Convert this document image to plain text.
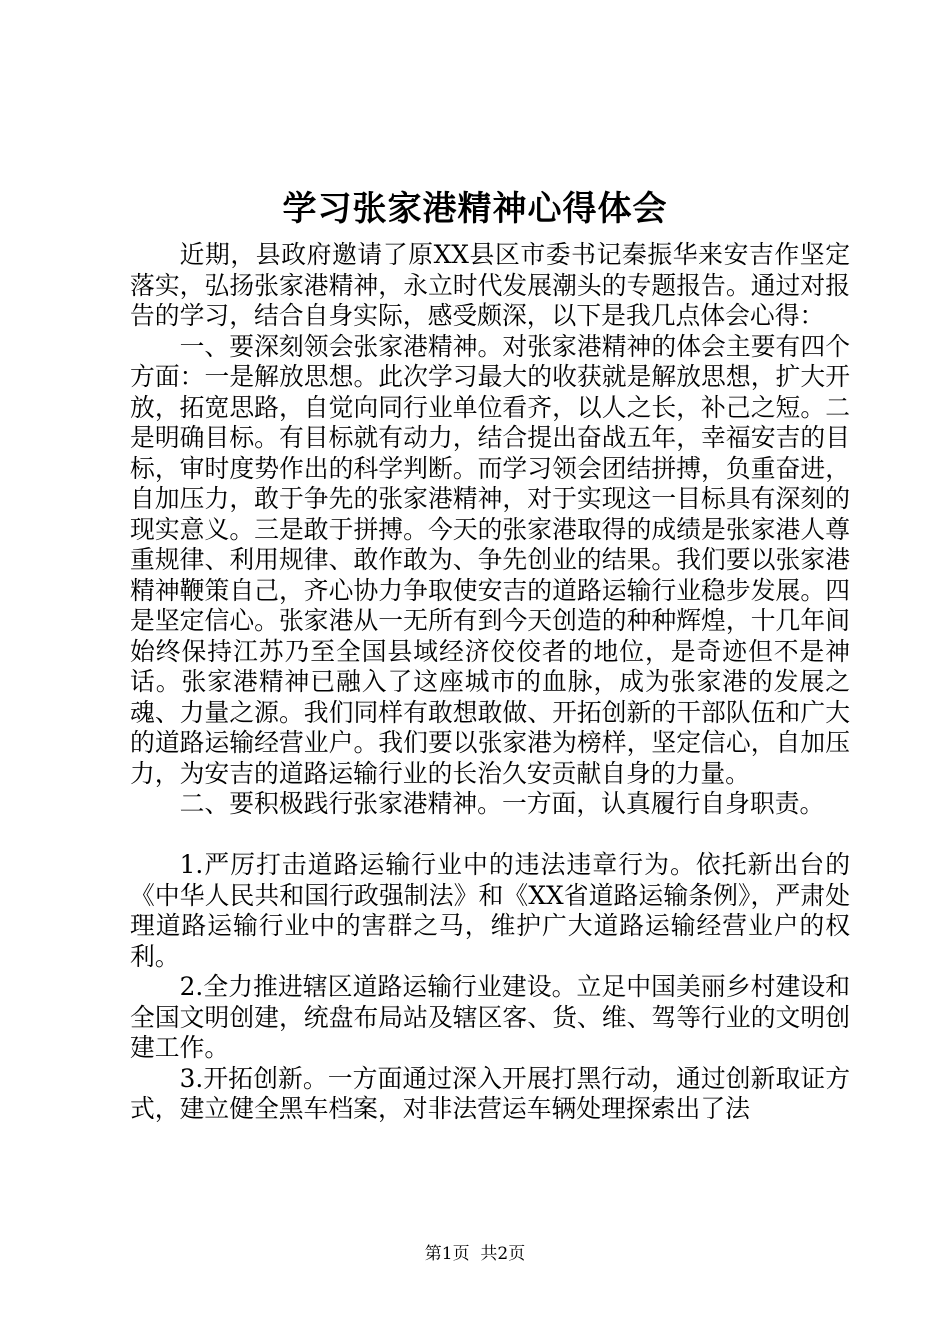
学习张家港精神心得体会

近期，县政府邀请了原XX县区市委书记秦振华来安吉作坚定落实，弘扬张家港精神，永立时代发展潮头的专题报告。通过对报告的学习，结合自身实际，感受颇深，以下是我几点体会心得：

一、要深刻领会张家港精神。对张家港精神的体会主要有四个方面：一是解放思想。此次学习最大的收获就是解放思想，扩大开放，拓宽思路，自觉向同行业单位看齐，以人之长，补己之短。二是明确目标。有目标就有动力，结合提出奋战五年，幸福安吉的目标，审时度势作出的科学判断。而学习领会团结拼搏，负重奋进，自加压力，敢于争先的张家港精神，对于实现这一目标具有深刻的现实意义。三是敢于拼搏。今天的张家港取得的成绩是张家港人尊重规律、利用规律、敢作敢为、争先创业的结果。我们要以张家港精神鞭策自己，齐心协力争取使安吉的道路运输行业稳步发展。四是坚定信心。张家港从一无所有到今天创造的种种辉煌，十几年间始终保持江苏乃至全国县域经济佼佼者的地位，是奇迹但不是神话。张家港精神已融入了这座城市的血脉，成为张家港的发展之魂、力量之源。我们同样有敢想敢做、开拓创新的干部队伍和广大的道路运输经营业户。我们要以张家港为榜样，坚定信心，自加压力，为安吉的道路运输行业的长治久安贡献自身的力量。

二、要积极践行张家港精神。一方面，认真履行自身职责。

1.严厉打击道路运输行业中的违法违章行为。依托新出台的《中华人民共和国行政强制法》和《XX省道路运输条例》，严肃处理道路运输行业中的害群之马，维护广大道路运输经营业户的权利。

2.全力推进辖区道路运输行业建设。立足中国美丽乡村建设和全国文明创建，统盘布局站及辖区客、货、维、驾等行业的文明创建工作。

3.开拓创新。一方面通过深入开展打黑行动，通过创新取证方式，建立健全黑车档案，对非法营运车辆处理探索出了法

第1页 共2页
